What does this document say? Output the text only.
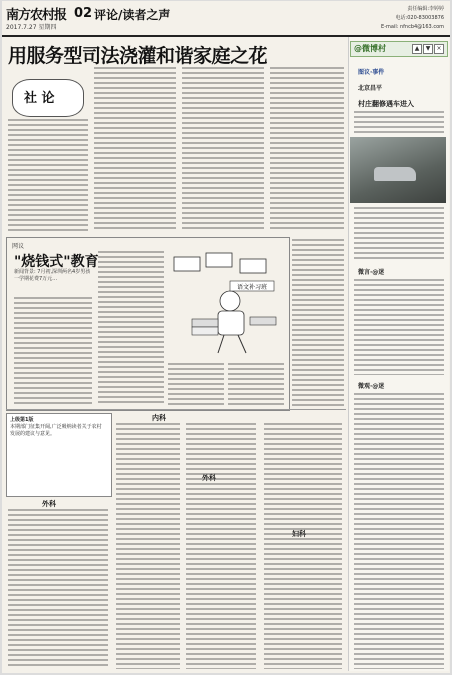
南方农村报 02 评论/读者之声
2017.7.27 星期四
责任编辑:李婷婷
电话:020-83003876
E-mail: nfncb4@163.com
用服务型司法浇灌和谐家庭之花
社 论
网议
"烧钱式"教育
新闻背景: 7月初,深圳两名4岁男孩一学期花费7万元…
语文补习班
上级第1版
本期部门征集开阔,广泛吸纳读者关于农村发展的建议与意见。
外科
内科
外科
妇科
@微博村	▲	▼	×
图议·事件
北京昌平
村庄翻修遇车进入
微言·@迷
微观·@迷
